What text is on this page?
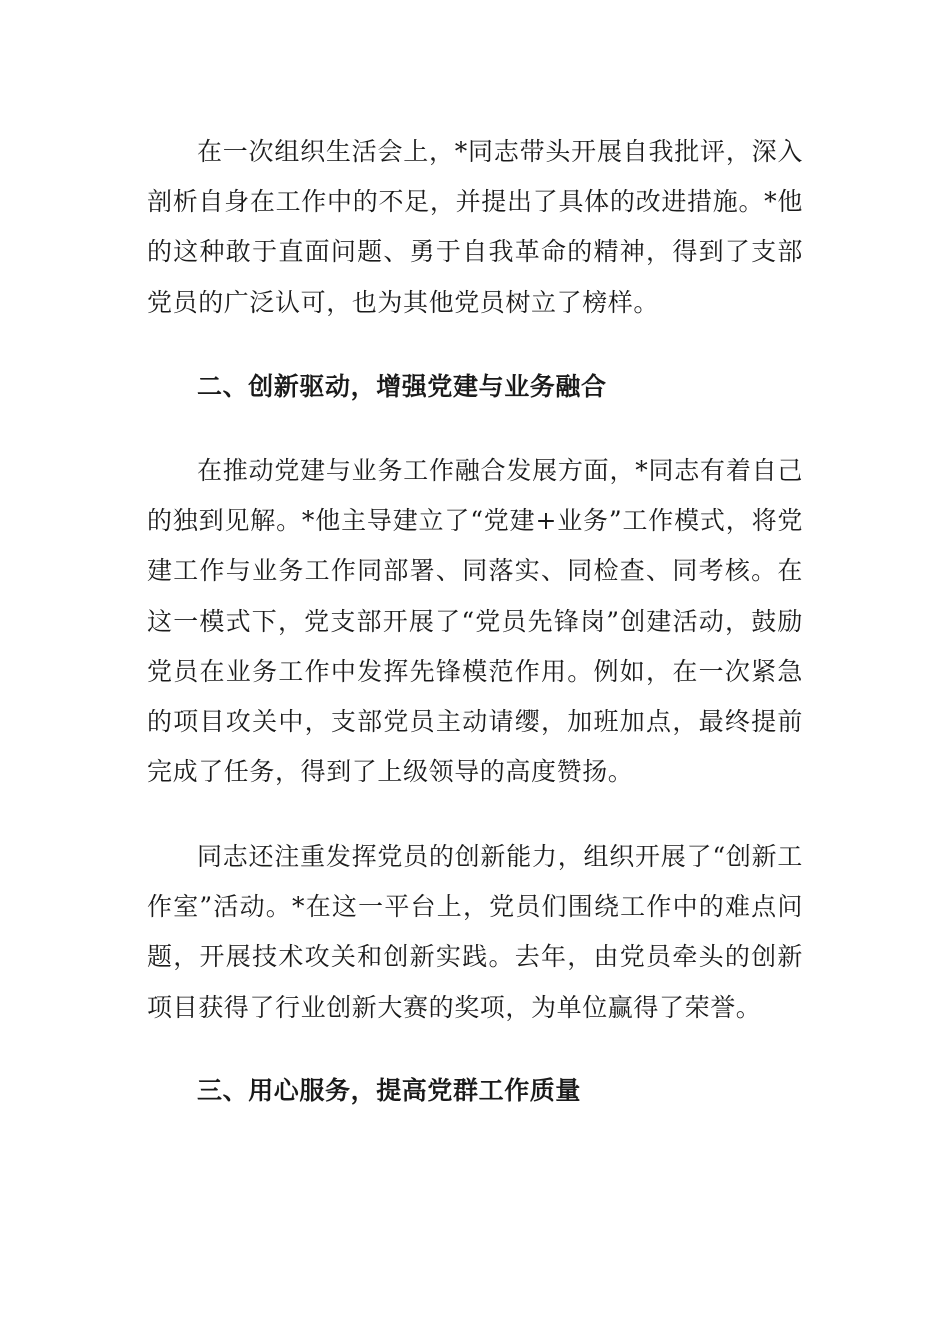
在一次组织生活会上，*同志带头开展自我批评，深入剖析自身在工作中的不足，并提出了具体的改进措施。*他的这种敢于直面问题、勇于自我革命的精神，得到了支部党员的广泛认可，也为其他党员树立了榜样。

二、创新驱动，增强党建与业务融合

在推动党建与业务工作融合发展方面，*同志有着自己的独到见解。*他主导建立了“党建+业务”工作模式，将党建工作与业务工作同部署、同落实、同检查、同考核。在这一模式下，党支部开展了“党员先锋岗”创建活动，鼓励党员在业务工作中发挥先锋模范作用。例如，在一次紧急的项目攻关中，支部党员主动请缨，加班加点，最终提前完成了任务，得到了上级领导的高度赞扬。

同志还注重发挥党员的创新能力，组织开展了“创新工作室”活动。*在这一平台上，党员们围绕工作中的难点问题，开展技术攻关和创新实践。去年，由党员牵头的创新项目获得了行业创新大赛的奖项，为单位赢得了荣誉。

三、用心服务，提高党群工作质量
